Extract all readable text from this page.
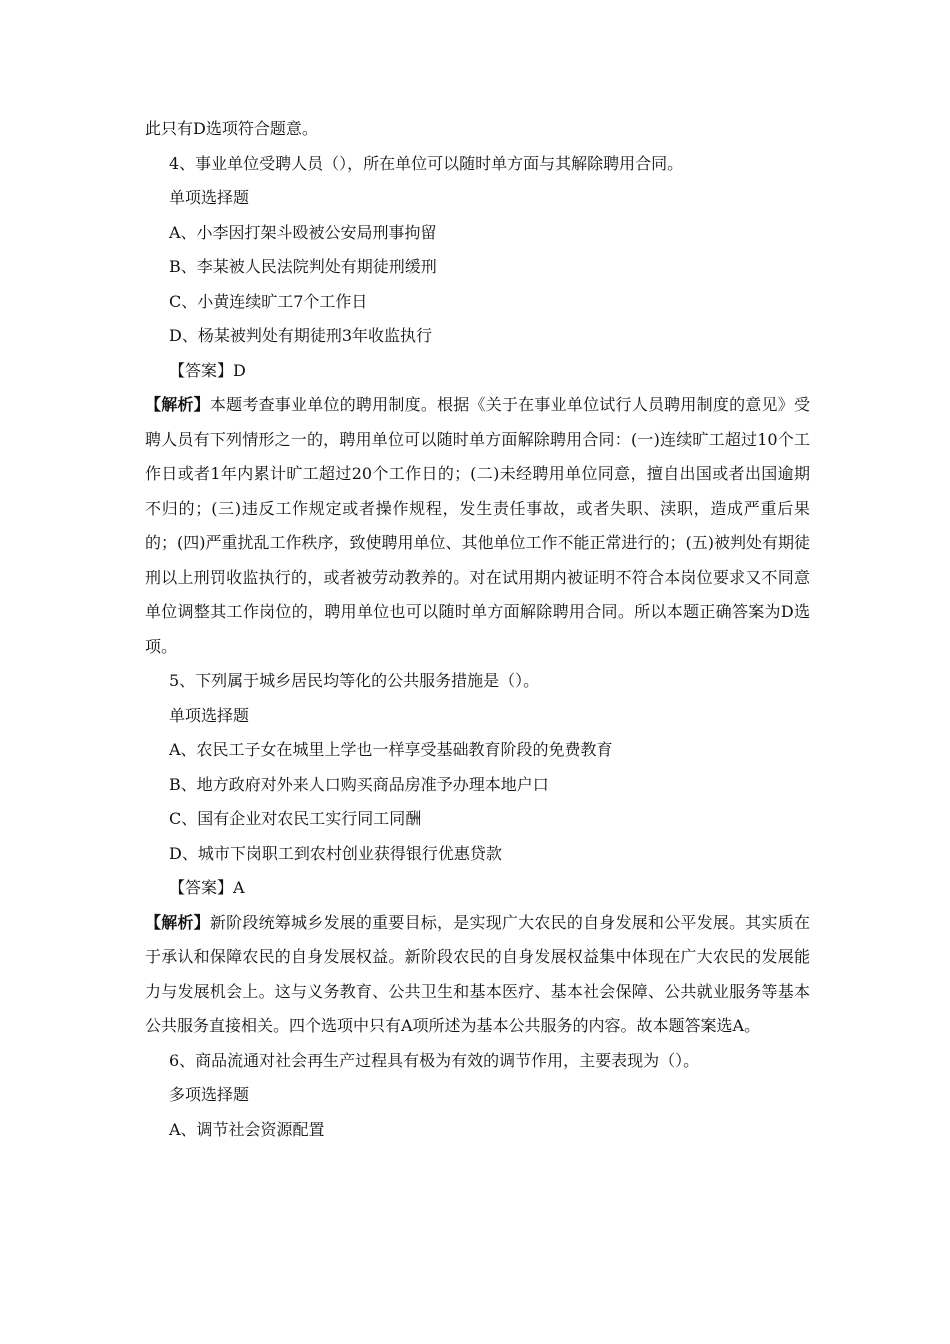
此只有D选项符合题意。
4、事业单位受聘人员（），所在单位可以随时单方面与其解除聘用合同。
单项选择题
A、小李因打架斗殴被公安局刑事拘留
B、李某被人民法院判处有期徒刑缓刑
C、小黄连续旷工7个工作日
D、杨某被判处有期徒刑3年收监执行
【答案】D
【解析】本题考查事业单位的聘用制度。根据《关于在事业单位试行人员聘用制度的意见》受聘人员有下列情形之一的，聘用单位可以随时单方面解除聘用合同：(一)连续旷工超过10个工作日或者1年内累计旷工超过20个工作日的；(二)未经聘用单位同意，擅自出国或者出国逾期不归的；(三)违反工作规定或者操作规程，发生责任事故，或者失职、渎职，造成严重后果的；(四)严重扰乱工作秩序，致使聘用单位、其他单位工作不能正常进行的；(五)被判处有期徒刑以上刑罚收监执行的，或者被劳动教养的。对在试用期内被证明不符合本岗位要求又不同意单位调整其工作岗位的，聘用单位也可以随时单方面解除聘用合同。所以本题正确答案为D选项。
5、下列属于城乡居民均等化的公共服务措施是（）。
单项选择题
A、农民工子女在城里上学也一样享受基础教育阶段的免费教育
B、地方政府对外来人口购买商品房准予办理本地户口
C、国有企业对农民工实行同工同酬
D、城市下岗职工到农村创业获得银行优惠贷款
【答案】A
【解析】新阶段统筹城乡发展的重要目标，是实现广大农民的自身发展和公平发展。其实质在于承认和保障农民的自身发展权益。新阶段农民的自身发展权益集中体现在广大农民的发展能力与发展机会上。这与义务教育、公共卫生和基本医疗、基本社会保障、公共就业服务等基本公共服务直接相关。四个选项中只有A项所述为基本公共服务的内容。故本题答案选A。
6、商品流通对社会再生产过程具有极为有效的调节作用，主要表现为（）。
多项选择题
A、调节社会资源配置
